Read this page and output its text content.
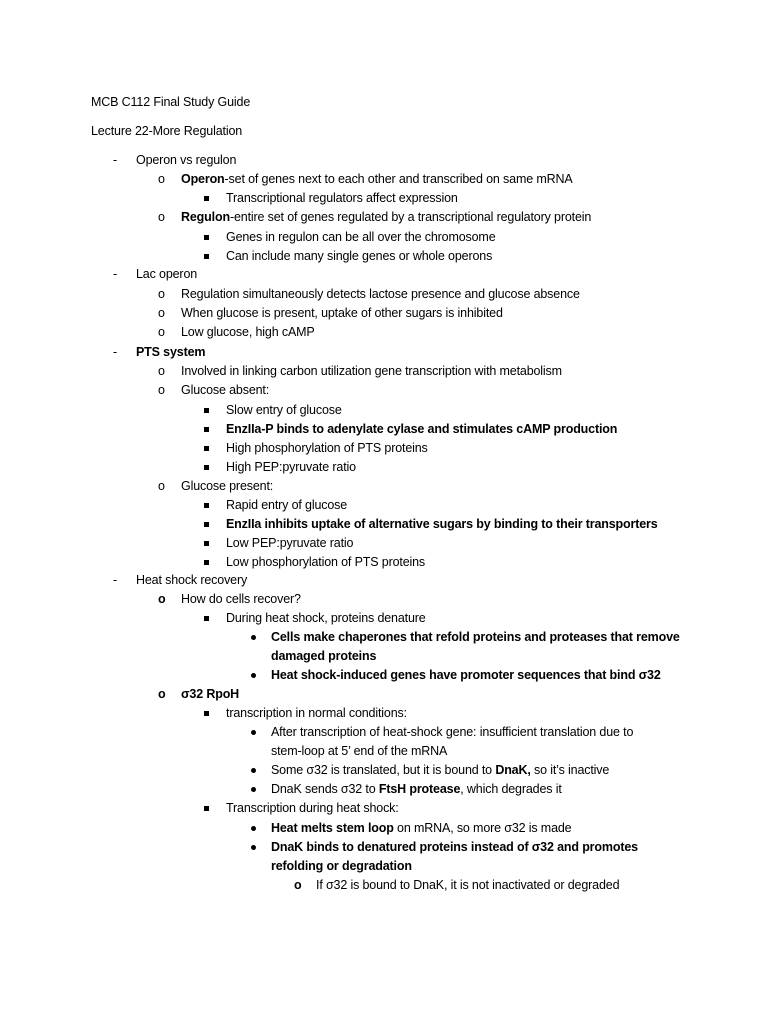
MCB C112 Final Study Guide
Lecture 22-More Regulation
- Operon vs regulon
o Operon-set of genes next to each other and transcribed on same mRNA
Transcriptional regulators affect expression
o Regulon-entire set of genes regulated by a transcriptional regulatory protein
Genes in regulon can be all over the chromosome
Can include many single genes or whole operons
- Lac operon
o Regulation simultaneously detects lactose presence and glucose absence
o When glucose is present, uptake of other sugars is inhibited
o Low glucose, high cAMP
- PTS system
o Involved in linking carbon utilization gene transcription with metabolism
o Glucose absent:
Slow entry of glucose
EnzIIa-P binds to adenylate cylase and stimulates cAMP production
High phosphorylation of PTS proteins
High PEP:pyruvate ratio
o Glucose present:
Rapid entry of glucose
EnzIIa inhibits uptake of alternative sugars by binding to their transporters
Low PEP:pyruvate ratio
Low phosphorylation of PTS proteins
- Heat shock recovery
o How do cells recover?
During heat shock, proteins denature
Cells make chaperones that refold proteins and proteases that remove
damaged proteins
Heat shock-induced genes have promoter sequences that bind σ32
o σ32 RpoH
transcription in normal conditions:
After transcription of heat-shock gene: insufficient translation due to
stem-loop at 5’ end of the mRNA
Some σ32 is translated, but it is bound to DnaK, so it’s inactive
DnaK sends σ32 to FtsH protease, which degrades it
Transcription during heat shock:
Heat melts stem loop on mRNA, so more σ32 is made
DnaK binds to denatured proteins instead of σ32 and promotes
refolding or degradation
o If σ32 is bound to DnaK, it is not inactivated or degraded
